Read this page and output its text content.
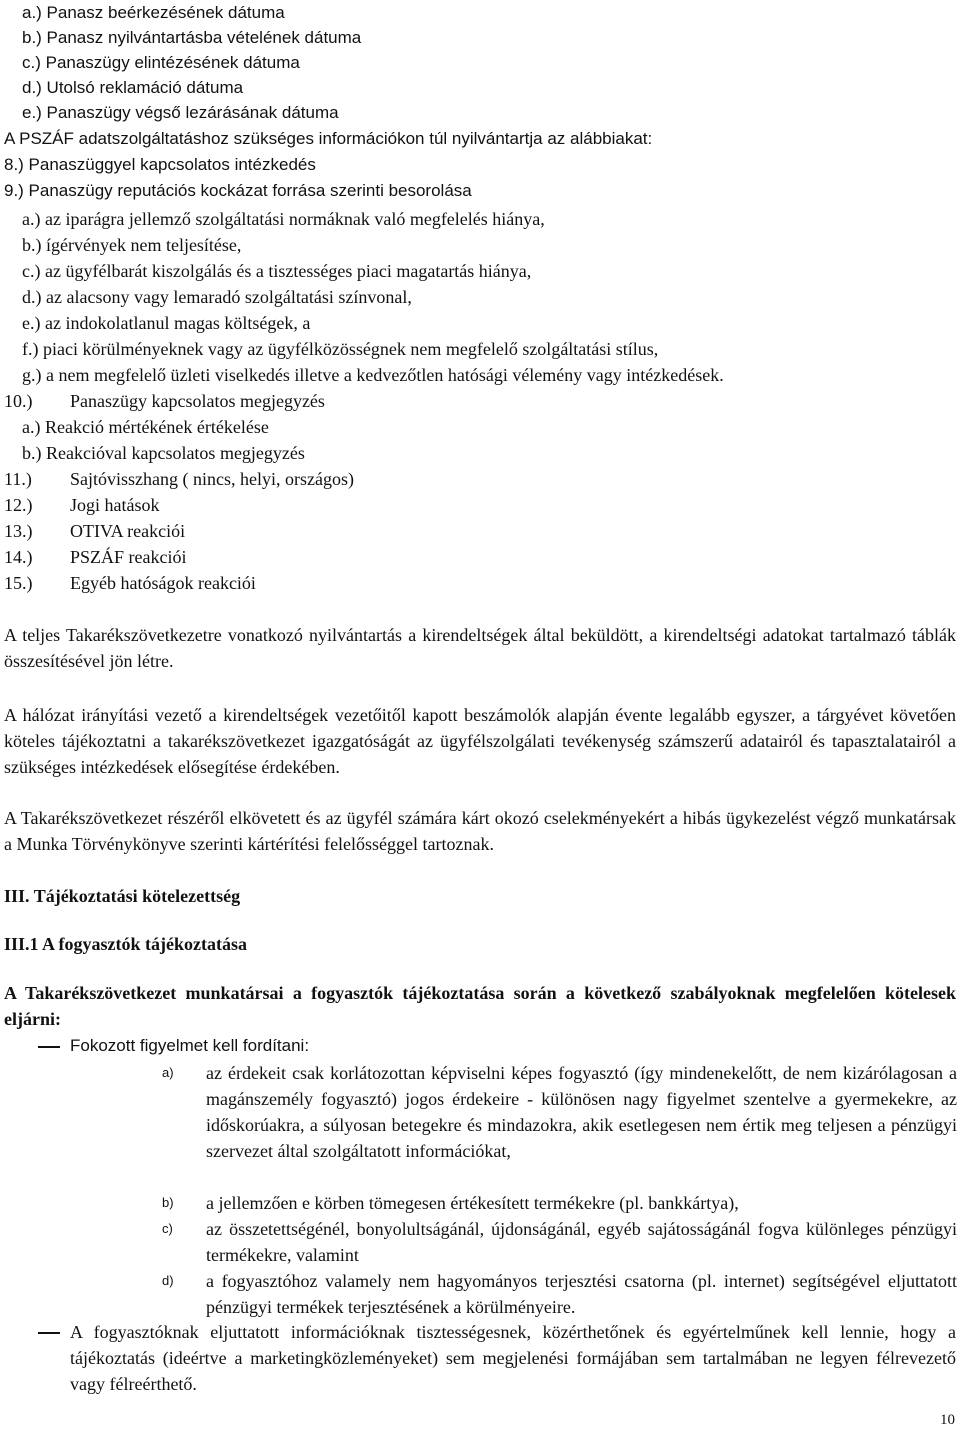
a.) Panasz beérkezésének dátuma
b.) Panasz nyilvántartásba vételének dátuma
c.) Panaszügy elintézésének dátuma
d.) Utolsó reklamáció dátuma
e.) Panaszügy végső lezárásának dátuma
A PSZÁF adatszolgáltatáshoz szükséges információkon túl nyilvántartja az alábbiakat:
8.) Panaszüggyel kapcsolatos intézkedés
9.) Panaszügy reputációs kockázat forrása szerinti besorolása
a.) az iparágra jellemző szolgáltatási normáknak való megfelelés hiánya,
b.) ígérvények nem teljesítése,
c.) az ügyfélbarát kiszolgálás és a tisztességes piaci magatartás hiánya,
d.) az alacsony vagy lemaradó szolgáltatási színvonal,
e.) az indokolatlanul magas költségek, a
f.) piaci körülményeknek vagy az ügyfélközösségnek nem megfelelő szolgáltatási stílus,
g.) a nem megfelelő üzleti viselkedés illetve a kedvezőtlen hatósági vélemény vagy intézkedések.
10.) Panaszügy kapcsolatos megjegyzés
a.) Reakció mértékének értékelése
b.) Reakcióval kapcsolatos megjegyzés
11.) Sajtóvisszhang ( nincs, helyi, országos)
12.) Jogi hatások
13.) OTIVA reakciói
14.) PSZÁF reakciói
15.) Egyéb hatóságok reakciói
A teljes Takarékszövetkezetre vonatkozó nyilvántartás a kirendeltségek által beküldött, a kirendeltségi adatokat tartalmazó táblák összesítésével jön létre.
A hálózat irányítási vezető a kirendeltségek vezetőitől kapott beszámolók alapján évente legalább egyszer, a tárgyévet követően köteles tájékoztatni a takarékszövetkezet igazgatóságát az ügyfélszolgálati tevékenység számszerű adatairól és tapasztalatairól a szükséges intézkedések elősegítése érdekében.
A Takarékszövetkezet részéről elkövetett és az ügyfél számára kárt okozó cselekményekért a hibás ügykezelést végző munkatársak a Munka Törvénykönyve szerinti kártérítési felelősséggel tartoznak.
III. Tájékoztatási kötelezettség
III.1 A fogyasztók tájékoztatása
A Takarékszövetkezet munkatársai a fogyasztók tájékoztatása során a következő szabályoknak megfelelően kötelesek eljárni:
Fokozott figyelmet kell fordítani:
a) az érdekeit csak korlátozottan képviselni képes fogyasztó (így mindenekelőtt, de nem kizárólagosan a magánszemély fogyasztó) jogos érdekeire - különösen nagy figyelmet szentelve a gyermekekre, az időskorúakra, a súlyosan betegekre és mindazokra, akik esetlegesen nem értik meg teljesen a pénzügyi szervezet által szolgáltatott információkat,
b) a jellemzően e körben tömegesen értékesített termékekre (pl. bankkártya),
c) az összetettségénél, bonyolultságánál, újdonságánál, egyéb sajátosságánál fogva különleges pénzügyi termékekre, valamint
d) a fogyasztóhoz valamely nem hagyományos terjesztési csatorna (pl. internet) segítségével eljuttatott pénzügyi termékek terjesztésének a körülményeire.
A fogyasztóknak eljuttatott információknak tisztességesnek, közérthetőnek és egyértelműnek kell lennie, hogy a tájékoztatás (ideértve a marketingközleményeket) sem megjelenési formájában sem tartalmában ne legyen félrevezető vagy félreérthető.
10
